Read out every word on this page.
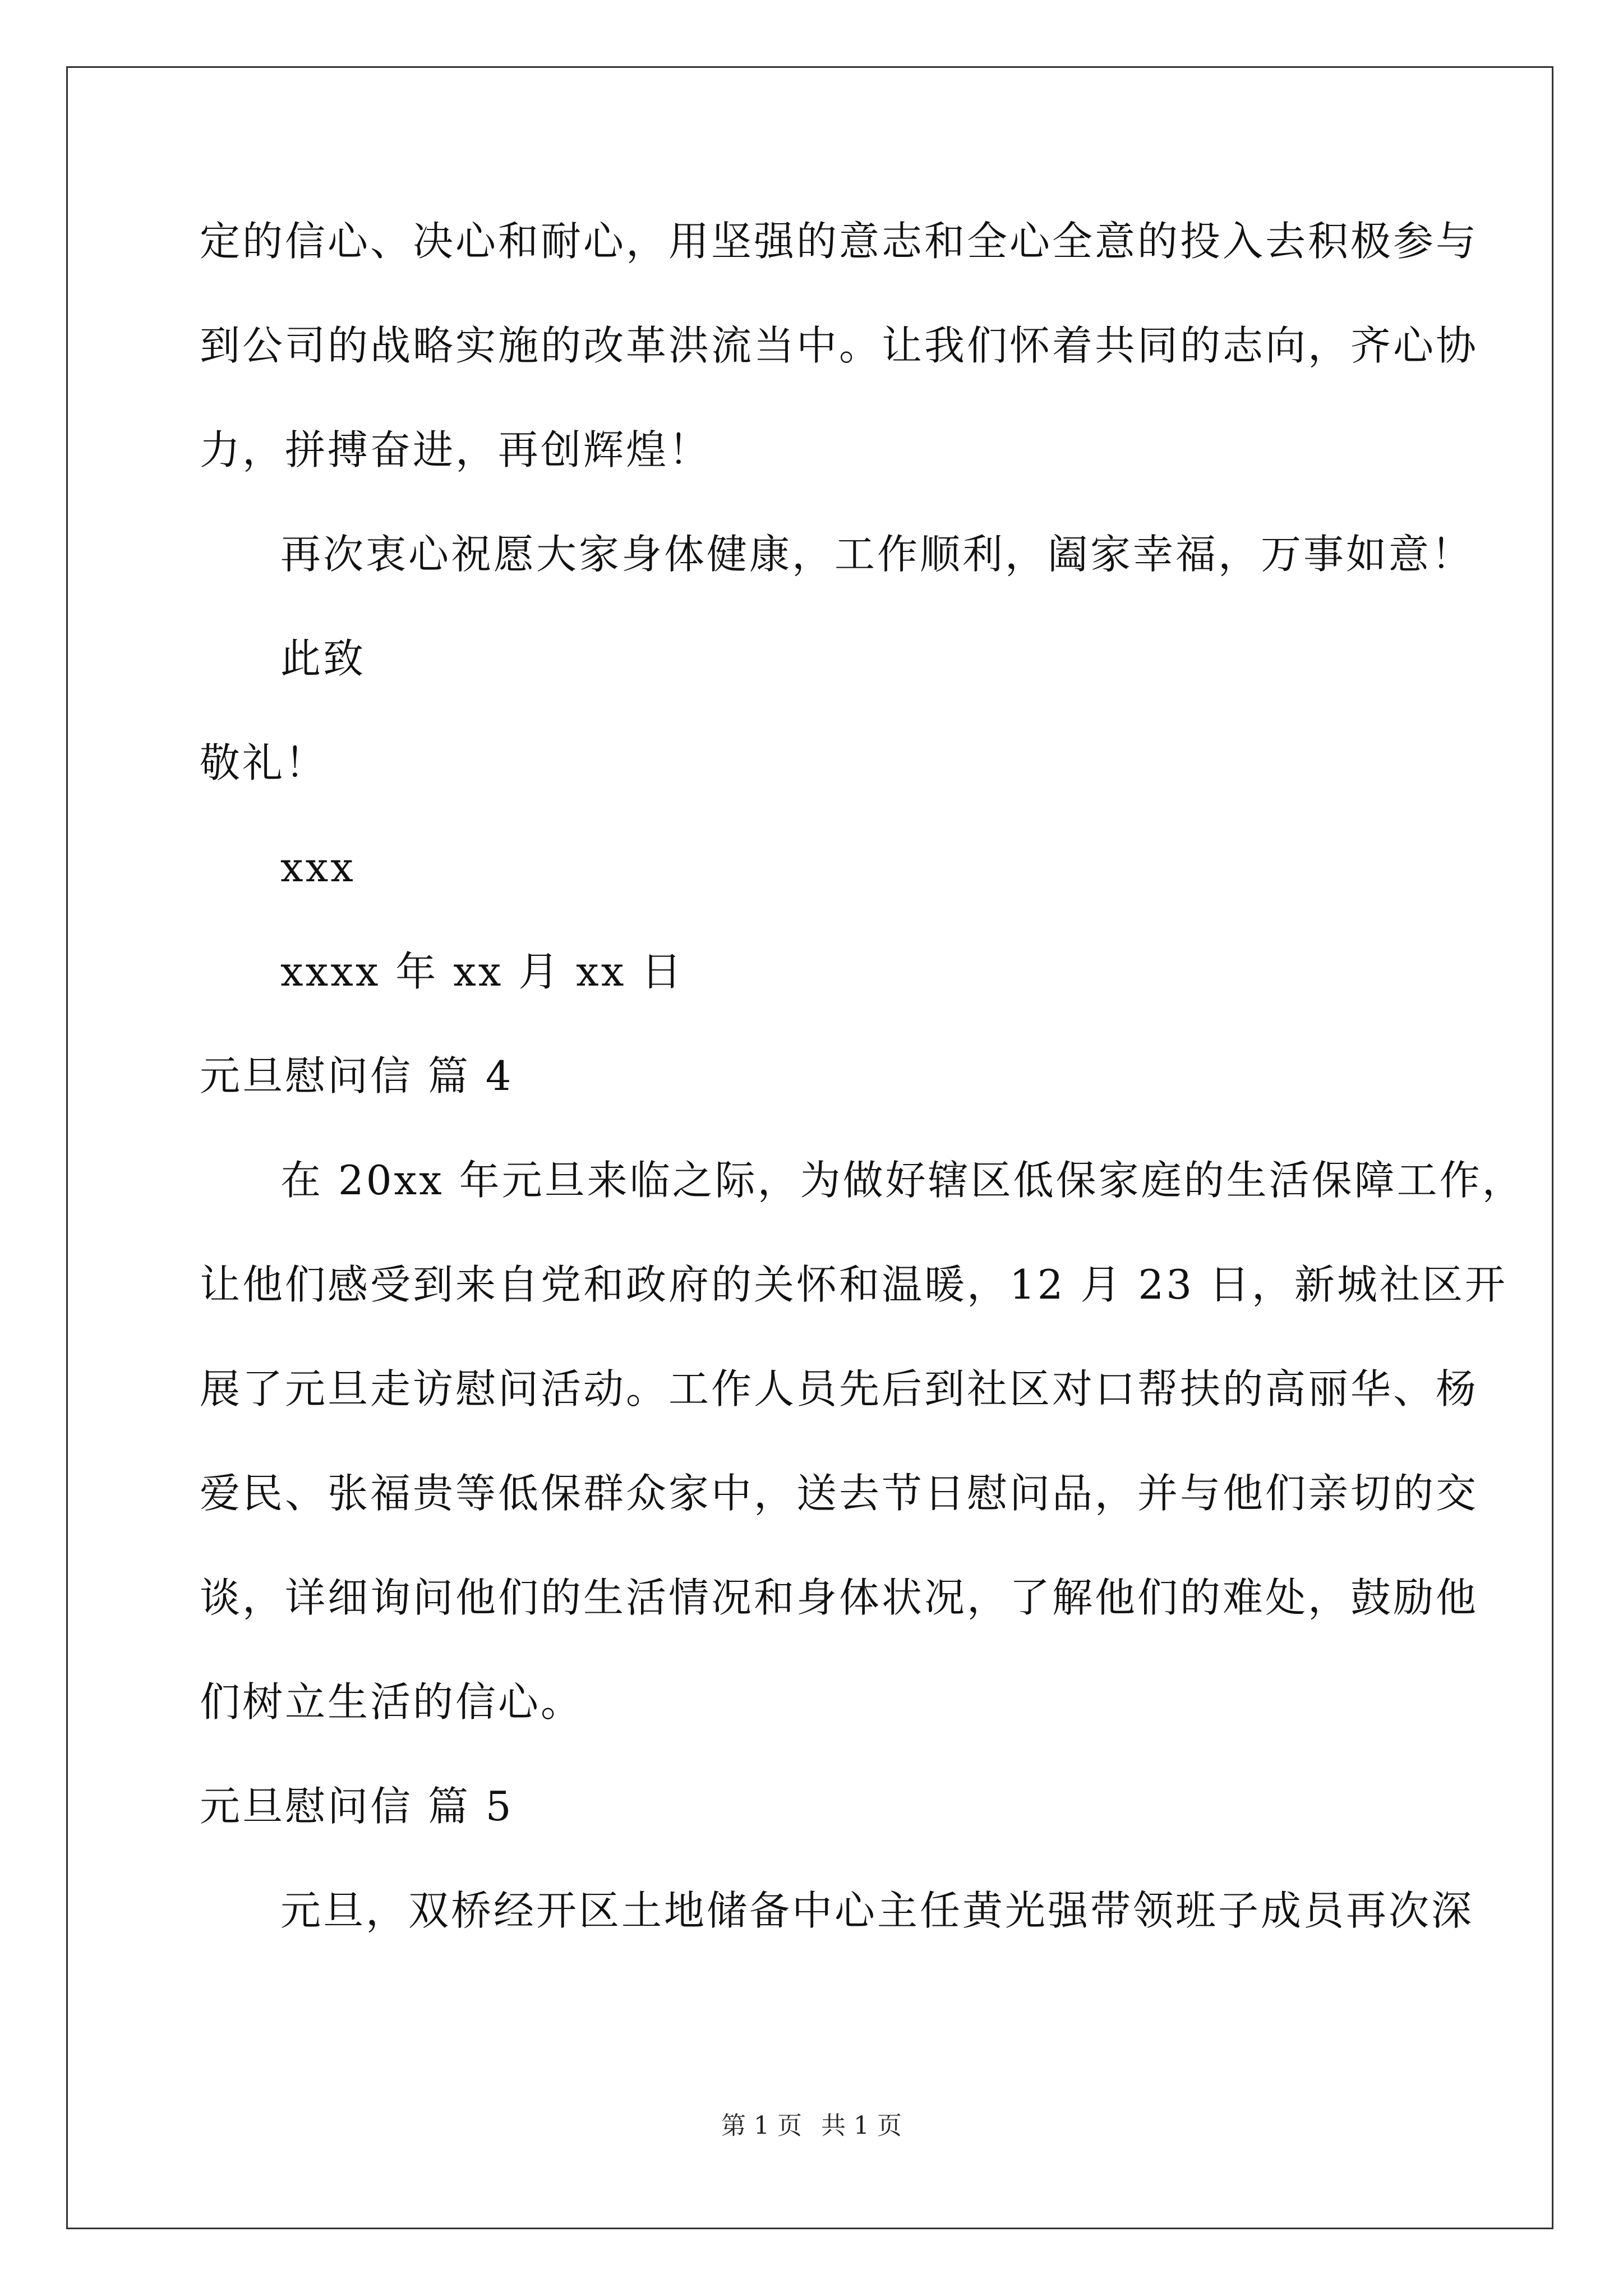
定的信心、决心和耐心，用坚强的意志和全心全意的投入去积极参与
到公司的战略实施的改革洪流当中。让我们怀着共同的志向，齐心协
力，拼搏奋进，再创辉煌！
再次衷心祝愿大家身体健康，工作顺利，阖家幸福，万事如意！
此致
敬礼！
xxx
xxxx 年 xx 月 xx 日
元旦慰问信 篇 4
在 20xx 年元旦来临之际，为做好辖区低保家庭的生活保障工作，
让他们感受到来自党和政府的关怀和温暖，12 月 23 日，新城社区开
展了元旦走访慰问活动。工作人员先后到社区对口帮扶的高丽华、杨
爱民、张福贵等低保群众家中，送去节日慰问品，并与他们亲切的交
谈，详细询问他们的生活情况和身体状况，了解他们的难处，鼓励他
们树立生活的信心。
元旦慰问信 篇 5
元旦，双桥经开区土地储备中心主任黄光强带领班子成员再次深
第 1 页 共 1 页
